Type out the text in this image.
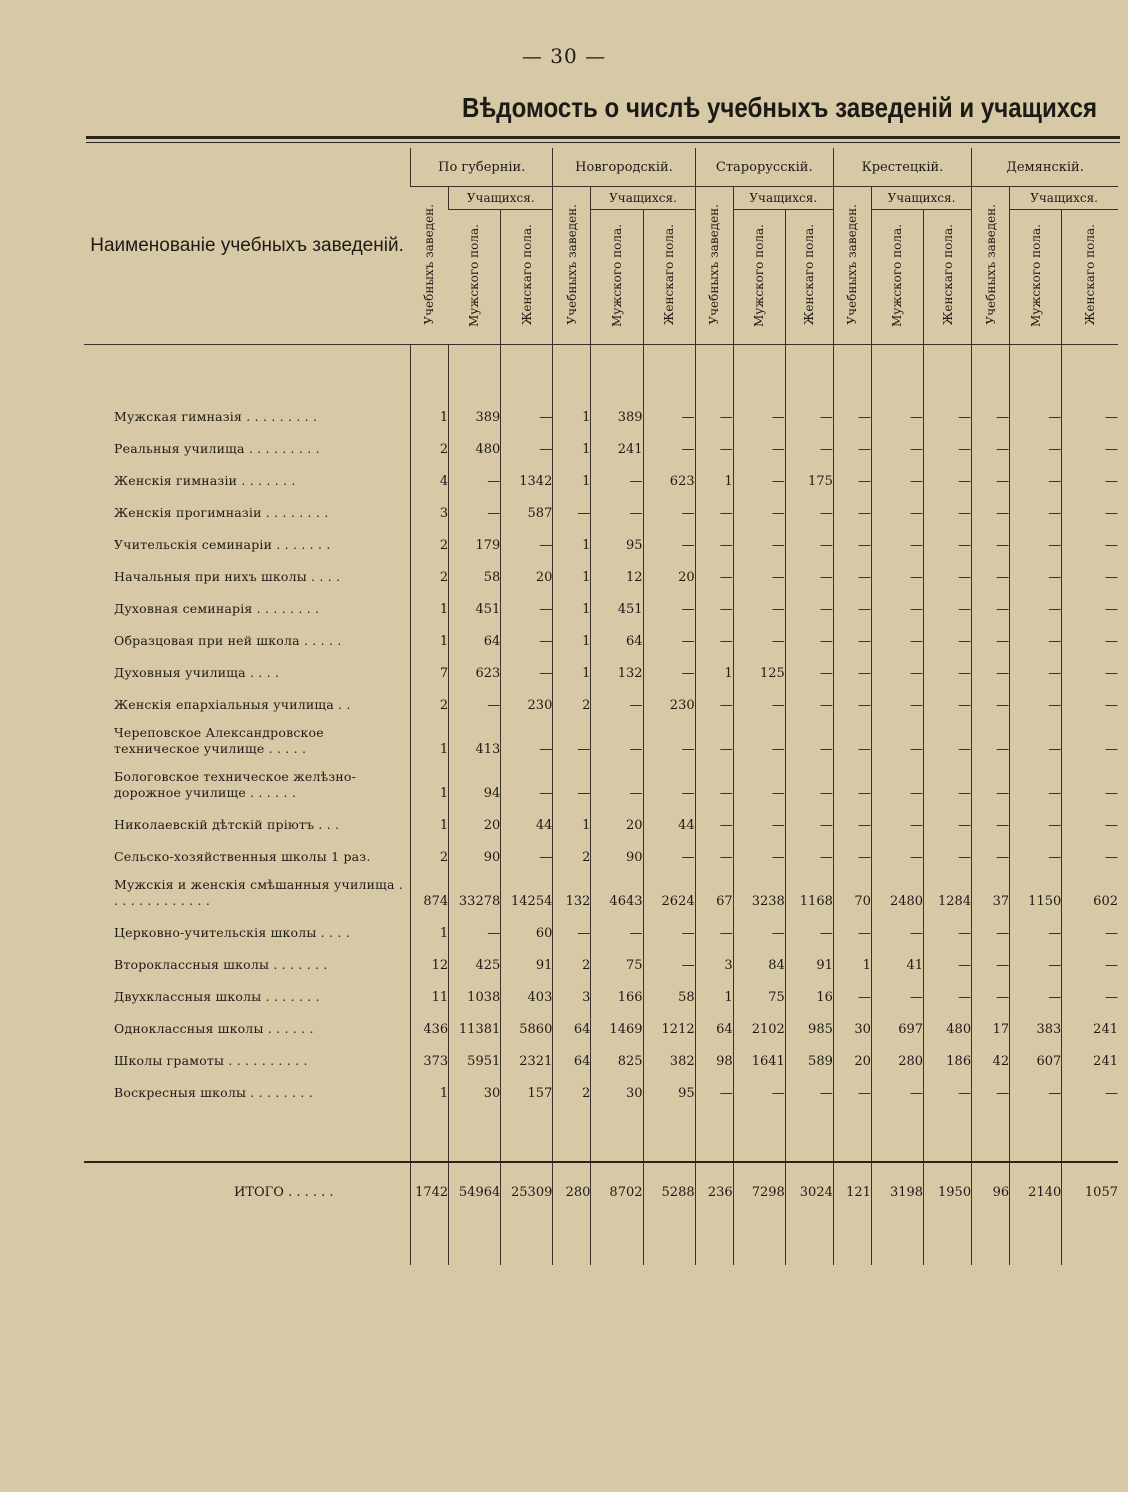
— 30 —
Вѣдомость о числѣ учебныхъ заведеній и учащихся
Наименованіе учебныхъ заведеній.	По губерніи.			Новгородскій.			Старорусскій.			Крестецкій.			Демянскій.		
	Учебныхъ заведен.	Учащихся.		Учебныхъ заведен.	Учащихся.		Учебныхъ заведен.	Учащихся.		Учебныхъ заведен.	Учащихся.		Учебныхъ заведен.	Учащихся.	
		Мужского пола.	Женскаго пола.		Мужского пола.	Женскаго пола.		Мужского пола.	Женскаго пола.		Мужского пола.	Женскаго пола.		Мужского пола.	Женскаго пола.

Мужская гимназія . . . . . . . . .	1	389	—	1	389	—	—	—	—	—	—	—	—	—	—
Реальныя училища . . . . . . . . .	2	480	—	1	241	—	—	—	—	—	—	—	—	—	—
Женскія гимназіи . . . . . . .	4	—	1342	1	—	623	1	—	175	—	—	—	—	—	—
Женскія прогимназіи . . . . . . . .	3	—	587	—	—	—	—	—	—	—	—	—	—	—	—
Учительскія семинаріи . . . . . . .	2	179	—	1	95	—	—	—	—	—	—	—	—	—	—
Начальныя при нихъ школы . . . .	2	58	20	1	12	20	—	—	—	—	—	—	—	—	—
Духовная семинарія . . . . . . . .	1	451	—	1	451	—	—	—	—	—	—	—	—	—	—
Образцовая при ней школа . . . . .	1	64	—	1	64	—	—	—	—	—	—	—	—	—	—
Духовныя училища . . . .	7	623	—	1	132	—	1	125	—	—	—	—	—	—	—
Женскія епархіальныя училища . .	2	—	230	2	—	230	—	—	—	—	—	—	—	—	—
Череповское Александровское техническое училище . . . . .	1	413	—	—	—	—	—	—	—	—	—	—	—	—	—
Бологовское техническое желѣзно-дорожное училище . . . . . .	1	94	—	—	—	—	—	—	—	—	—	—	—	—	—
Николаевскій дѣтскій пріютъ . . .	1	20	44	1	20	44	—	—	—	—	—	—	—	—	—
Сельско-хозяйственныя школы 1 раз.	2	90	—	2	90	—	—	—	—	—	—	—	—	—	—
Мужскія и женскія смѣшанныя училища . . . . . . . . . . . . .	874	33278	14254	132	4643	2624	67	3238	1168	70	2480	1284	37	1150	602
Церковно-учительскія школы . . . .	1	—	60	—	—	—	—	—	—	—	—	—	—	—	—
Второклассныя школы . . . . . . .	12	425	91	2	75	—	3	84	91	1	41	—	—	—	—
Двухклассныя школы . . . . . . .	11	1038	403	3	166	58	1	75	16	—	—	—	—	—	—
Одноклассныя школы . . . . . .	436	11381	5860	64	1469	1212	64	2102	985	30	697	480	17	383	241
Школы грамоты . . . . . . . . . .	373	5951	2321	64	825	382	98	1641	589	20	280	186	42	607	241
Воскресныя школы . . . . . . . .	1	30	157	2	30	95	—	—	—	—	—	—	—	—	—

ИТОГО . . . . . .	1742	54964	25309	280	8702	5288	236	7298	3024	121	3198	1950	96	2140	1057
